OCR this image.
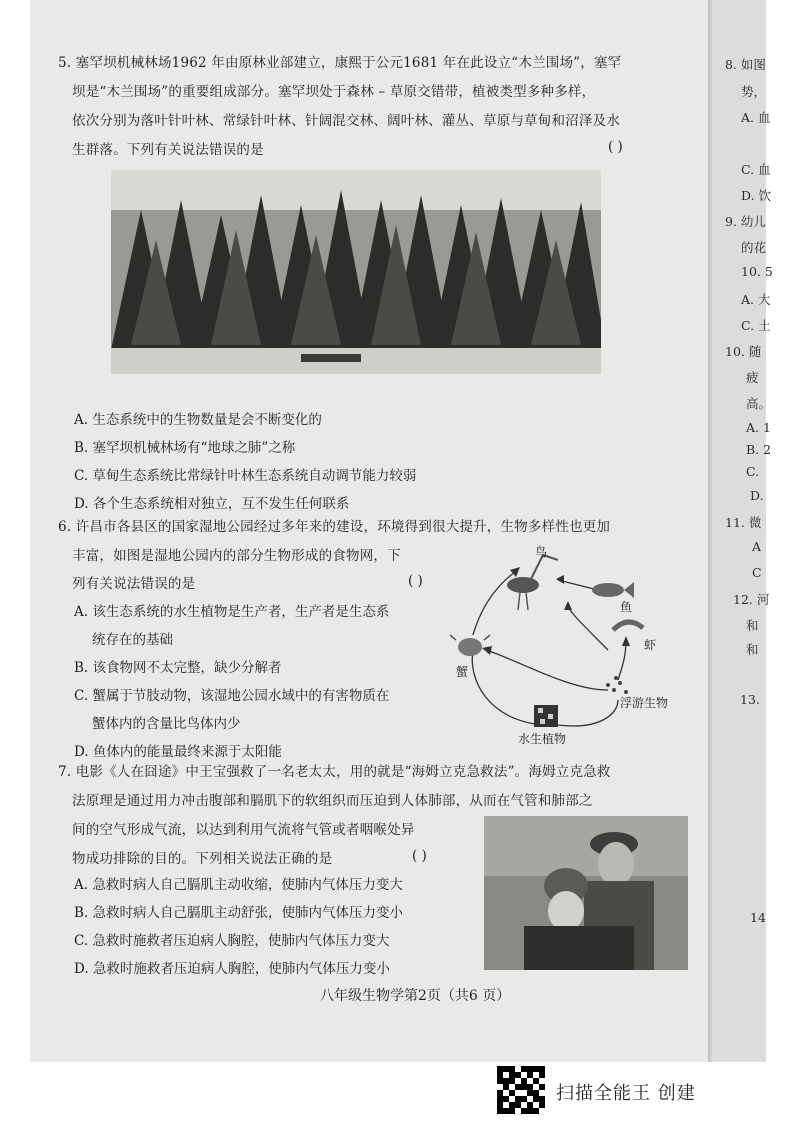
5. 塞罕坝机械林场1962 年由原林业部建立，康熙于公元1681 年在此设立“木兰围场”，塞罕
坝是“木兰围场”的重要组成部分。塞罕坝处于森林 – 草原交错带，植被类型多种多样，
依次分别为落叶针叶林、常绿针叶林、针阔混交林、阔叶林、灌丛、草原与草甸和沼泽及水
生群落。下列有关说法错误的是	( )
A. 生态系统中的生物数量是会不断变化的
B. 塞罕坝机械林场有“地球之肺”之称
C. 草甸生态系统比常绿针叶林生态系统自动调节能力较弱
D. 各个生态系统相对独立，互不发生任何联系
6. 许昌市各县区的国家湿地公园经过多年来的建设，环境得到很大提升，生物多样性也更加
丰富，如图是湿地公园内的部分生物形成的食物网，下
列有关说法错误的是	( )
A. 该生态系统的水生植物是生产者，生产者是生态系
统存在的基础
B. 该食物网不太完整，缺少分解者
C. 蟹属于节肢动物，该湿地公园水域中的有害物质在
蟹体内的含量比鸟体内少
D. 鱼体内的能量最终来源于太阳能
鸟
鱼
虾
蟹
浮游生物
水生植物
7. 电影《人在囧途》中王宝强救了一名老太太，用的就是“海姆立克急救法”。海姆立克急救
法原理是通过用力冲击腹部和膈肌下的软组织而压迫到人体肺部，从而在气管和肺部之
间的空气形成气流，以达到利用气流将气管或者咽喉处异
物成功排除的目的。下列相关说法正确的是	( )
A. 急救时病人自己膈肌主动收缩，使肺内气体压力变大
B. 急救时病人自己膈肌主动舒张，使肺内气体压力变小
C. 急救时施救者压迫病人胸腔，使肺内气体压力变大
D. 急救时施救者压迫病人胸腔，使肺内气体压力变小
八年级生物学第2页（共6 页）
8. 如图
势，
A. 血
C. 血
D. 饮
9. 幼儿
的花
10. 5
A. 大
C. 土
10. 随
疲
高。
A. 1
B. 2
C.
D.
11. 微
A
C
12. 河
和
和
13.
14
扫描全能王 创建
